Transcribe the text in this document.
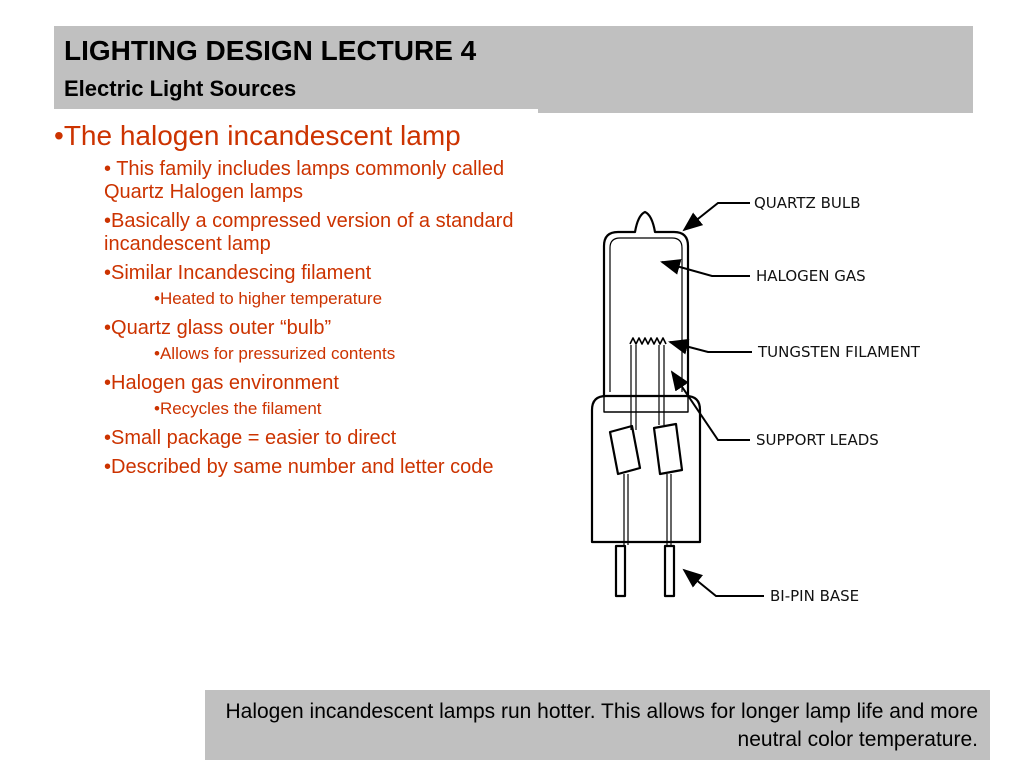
LIGHTING DESIGN LECTURE 4
Electric Light Sources
•The halogen incandescent lamp
• This family includes lamps commonly called Quartz Halogen lamps
•Basically a compressed version of a standard incandescent lamp
•Similar Incandescing filament
•Heated to higher temperature
•Quartz glass outer “bulb”
•Allows for pressurized contents
•Halogen gas environment
•Recycles the filament
•Small package = easier to direct
•Described by same number and letter code
QUARTZ BULB
HALOGEN GAS
TUNGSTEN FILAMENT
SUPPORT LEADS
BI-PIN BASE
Halogen incandescent lamps run hotter. This allows for longer lamp life and more neutral color temperature.
